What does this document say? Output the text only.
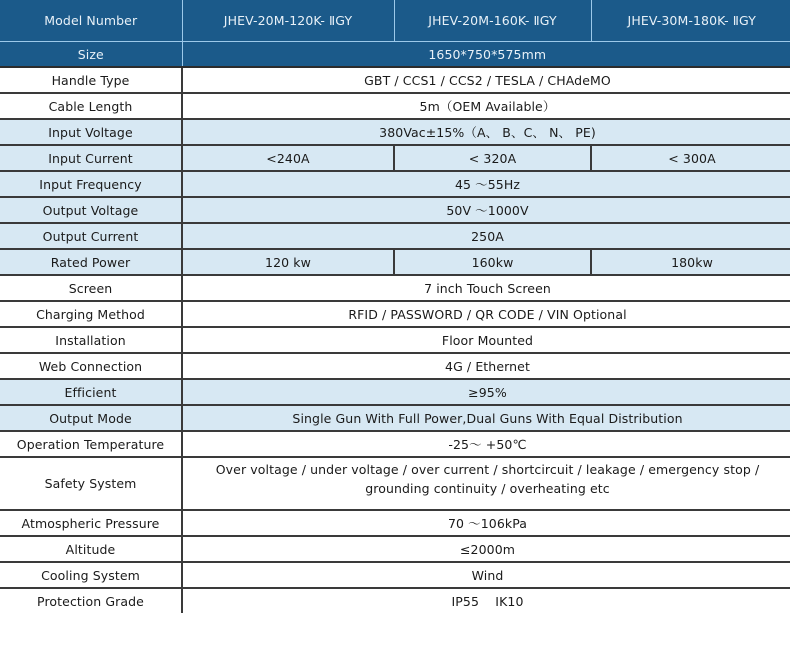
Model Number	JHEV-20M-120K- ⅡGY	JHEV-20M-160K- ⅡGY	JHEV-30M-180K- ⅡGY
Size	1650*750*575mm		
Handle Type	GBT / CCS1 / CCS2 / TESLA / CHAdeMO		
Cable Length	5m（OEM Available）		
Input Voltage	380Vac±15%（A、 B、C、 N、 PE)		
Input Current	<240A	< 320A	< 300A
Input Frequency	45 ～55Hz		
Output Voltage	50V ～1000V		
Output Current	250A		
Rated Power	120 kw	160kw	180kw
Screen	7 inch Touch Screen		
Charging Method	RFID / PASSWORD / QR CODE / VIN Optional		
Installation	Floor Mounted		
Web Connection	4G / Ethernet		
Efficient	≥95%		
Output Mode	Single Gun With Full Power,Dual Guns With Equal Distribution		
Operation Temperature	-25～ +50℃		
Safety System	Over voltage / under voltage / over current / shortcircuit / leakage / emergency stop / grounding continuity / overheating etc		
Atmospheric Pressure	70 ～106kPa		
Altitude	≤2000m		
Cooling System	Wind		
Protection Grade	IP55    IK10		
